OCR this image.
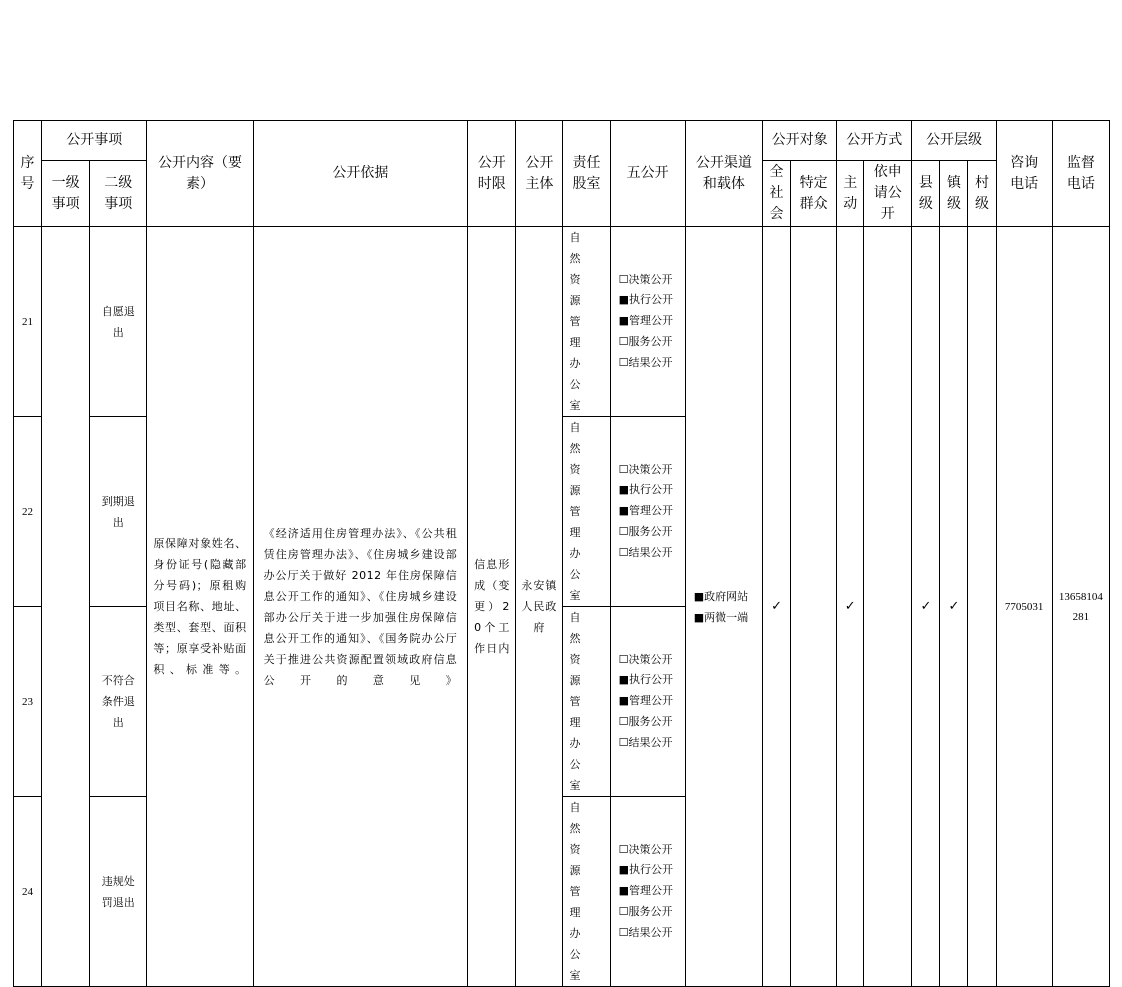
序号	公开事项		公开内容（要素）	公开依据	公开时限	公开主体	责任股室	五公开	公开渠道和载体	公开对象		公开方式		公开层级			咨询电话	监督电话
	一级事项	二级事项								全社会	特定群众	主动	依申请公开	县级	镇级	村级		
21		自愿退出	原保障对象姓名、身份证号(隐藏部分号码)；原租购项目名称、地址、类型、套型、面积等；原享受补贴面积、标准等。	《经济适用住房管理办法》、《公共租赁住房管理办法》、《住房城乡建设部办公厅关于做好 2012 年住房保障信息公开工作的通知》、《住房城乡建设部办公厅关于进一步加强住房保障信息公开工作的通知》、《国务院办公厅关于推进公共资源配置领域政府信息公开的意见》	信息形成（变更）20个工作日内	永安镇人民政府	自然资源管理办公室	☐决策公开
■执行公开
■管理公开
☐服务公开
☐结果公开	■政府网站
■两微一端	✓		✓		✓	✓		7705031	13658104281
22		到期退出					自然资源管理办公室	☐决策公开
■执行公开
■管理公开
☐服务公开
☐结果公开										

23		不符合条件退出					自然资源管理办公室	☐决策公开
■执行公开
■管理公开
☐服务公开
☐结果公开										

24		违规处罚退出					自然资源管理办公室	☐决策公开
■执行公开
■管理公开
☐服务公开
☐结果公开										
